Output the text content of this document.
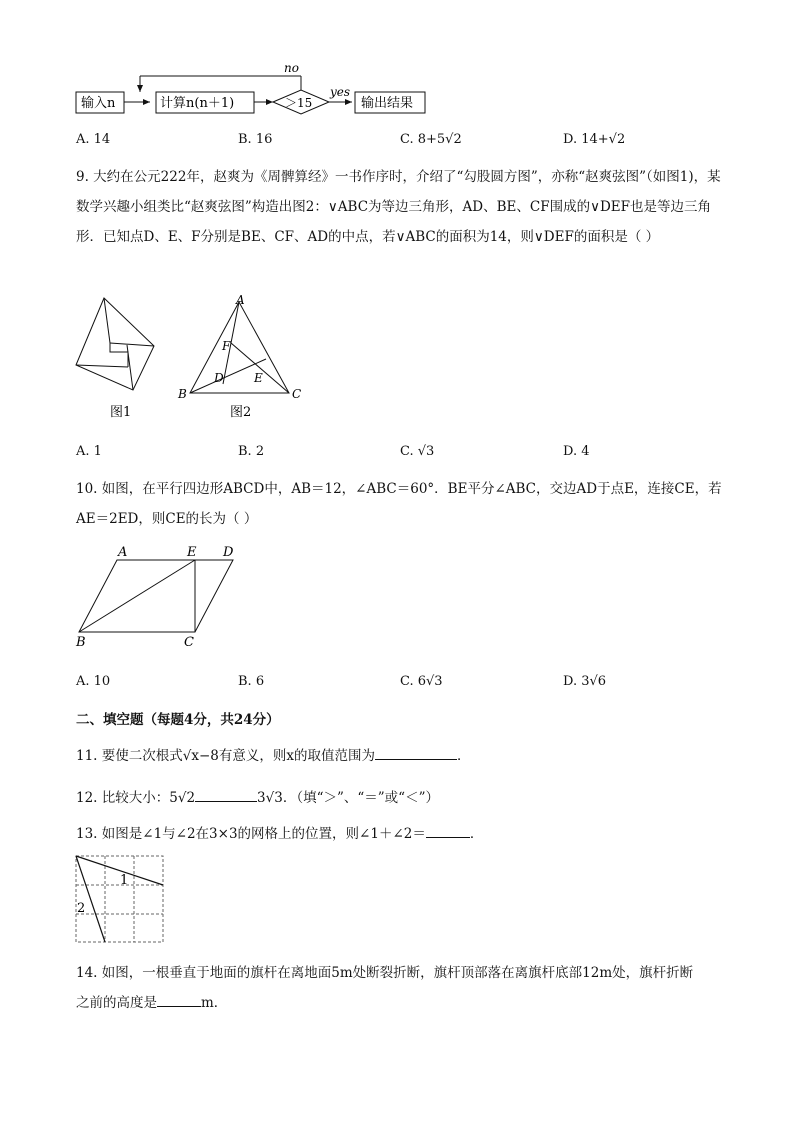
输入n	计算n(n＋1)	＞15
no
yes
输出结果
A. 14	B. 16	C. 8+5√2	D. 14+√2
9. 大约在公元222年，赵爽为《周髀算经》一书作序时，介绍了“勾股圆方图”，亦称“赵爽弦图”（如图1)，某数学兴趣小组类比“赵爽弦图”构造出图2：∨ABC为等边三角形，AD、BE、CF围成的∨DEF也是等边三角形．已知点D、E、F分别是BE、CF、AD的中点，若∨ABC的面积为14，则∨DEF的面积是（ ）
图1
A
B	C
D	E
F
图2
A. 1	B. 2	C. √3	D. 4
10. 如图，在平行四边形ABCD中，AB＝12，∠ABC＝60°．BE平分∠ABC，交边AD于点E，连接CE，若AE＝2ED，则CE的长为（ ）
A	E D
B	C
A. 10	B. 6	C. 6√3	D. 3√6
二、填空题（每题4分，共24分）
11. 要使二次根式√x−8有意义，则x的取值范围为	．
12. 比较大小：5√2	3√3．（填“＞”、“＝”或“＜”）
13. 如图是∠1与∠2在3×3的网格上的位置，则∠1＋∠2＝	．
1
2
14. 如图，一根垂直于地面的旗杆在离地面5m处断裂折断，旗杆顶部落在离旗杆底部12m处，旗杆折断
之前的高度是	m．
